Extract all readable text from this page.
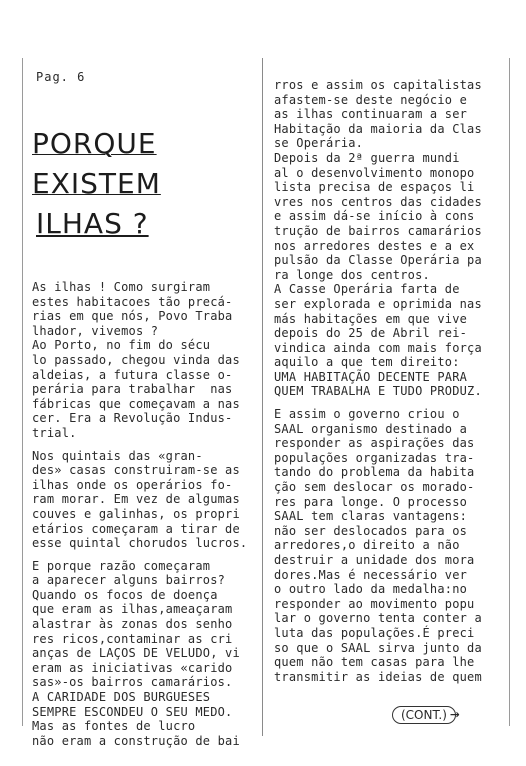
Pag. 6
PORQUE EXISTEM
ILHAS ?
As ilhas ! Como surgiram
estes habitacoes tão precá-
rias em que nós, Povo Traba
lhador, vivemos ?
Ao Porto, no fim do sécu
lo passado, chegou vinda das
aldeias, a futura classe o-
perária para trabalhar  nas
fábricas que começavam a nas
cer. Era a Revolução Indus-
trial.
Nos quintais das «gran-
des» casas construiram-se as
ilhas onde os operários fo-
ram morar. Em vez de algumas
couves e galinhas, os propri
etários começaram a tirar de
esse quintal chorudos lucros.
E porque razão começaram
a aparecer alguns bairros?
Quando os focos de doença
que eram as ilhas,ameaçaram
alastrar às zonas dos senho
res ricos,contaminar as cri
anças de LAÇOS DE VELUDO, vi
eram as iniciativas «carido
sas»-os bairros camarários.
A CARIDADE DOS BURGUESES
SEMPRE ESCONDEU O SEU MEDO.
Mas as fontes de lucro
não eram a construção de bai
rros e assim os capitalistas
afastem-se deste negócio e
as ilhas continuaram a ser
Habitação da maioria da Clas
se Operária.
Depois da 2ª guerra mundi
al o desenvolvimento monopo
lista precisa de espaços li
vres nos centros das cidades
e assim dá-se início à cons
trução de bairros camarários
nos arredores destes e a ex
pulsão da Classe Operária pa
ra longe dos centros.
A Casse Operária farta de
ser explorada e oprimida nas
más habitações em que vive
depois do 25 de Abril rei-
vindica ainda com mais força
aquilo a que tem direito:
UMA HABITAÇÃO DECENTE PARA
QUEM TRABALHA E TUDO PRODUZ.
E assim o governo criou o
SAAL organismo destinado a
responder as aspirações das
populações organizadas tra-
tando do problema da habita
ção sem deslocar os morado-
res para longe. O processo
SAAL tem claras vantagens:
não ser deslocados para os
arredores,o direito a não
destruir a unidade dos mora
dores.Mas é necessário ver
o outro lado da medalha:no
responder ao movimento popu
lar o governo tenta conter a
luta das populações.É preci
so que o SAAL sirva junto da
quem não tem casas para lhe
transmitir as ideias de quem
(CONT.) →
